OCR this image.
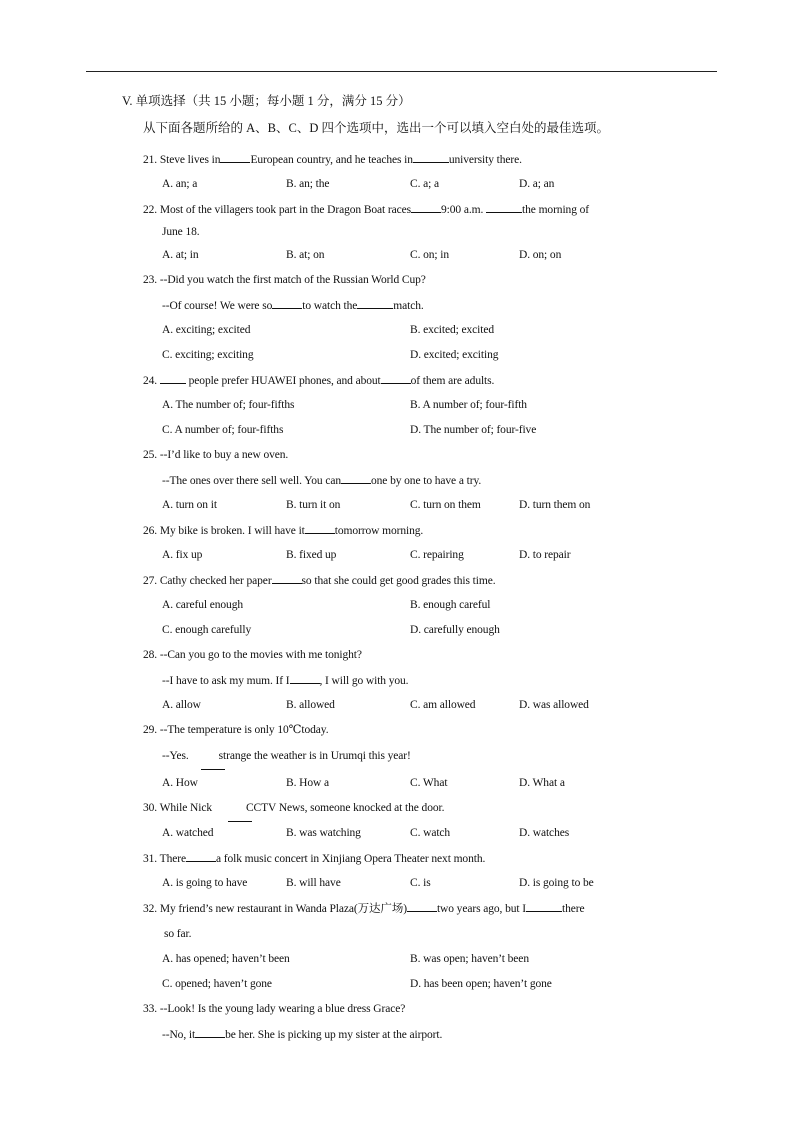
V. 单项选择（共 15 小题；每小题 1 分，满分 15 分）
从下面各题所给的 A、B、C、D 四个选项中，选出一个可以填入空白处的最佳选项。
21. Steve lives in	European country, and he teaches in	university there.
A. an; a	B. an; the	C. a; a	D. a; an
22. Most of the villagers took part in the Dragon Boat races	9:00 a.m.	the morning of
June 18.
A. at; in	B. at; on	C. on; in	D. on; on
23. --Did you watch the first match of the Russian World Cup?
--Of course! We were so	to watch the	match.
A. exciting; excited	B. excited; excited
C. exciting; exciting	D. excited; exciting
24.	people prefer HUAWEI phones, and about	of them are adults.
A. The number of; four-fifths	B. A number of; four-fifth
C. A number of; four-fifths	D. The number of; four-five
25. --I’d like to buy a new oven.
--The ones over there sell well. You can	one by one to have a try.
A. turn on it	B. turn it on	C. turn on them	D. turn them on
26. My bike is broken. I will have it	tomorrow morning.
A. fix up	B. fixed up	C. repairing	D. to repair
27. Cathy checked her paper	so that she could get good grades this time.
A. careful enough	B. enough careful
C. enough carefully	D. carefully enough
28. --Can you go to the movies with me tonight?
--I have to ask my mum. If I	, I will go with you.
A. allow	B. allowed	C. am allowed	D. was allowed
29. --The temperature is only 10℃today.
--Yes.	strange the weather is in Urumqi this year!
A. How	B. How a	C. What	D. What a
30. While Nick	CCTV News, someone knocked at the door.
A. watched	B. was watching	C. watch	D. watches
31. There	a folk music concert in Xinjiang Opera Theater next month.
A. is going to have	B. will have	C. is	D. is going to be
32. My friend’s new restaurant in Wanda Plaza(万达广场)	two years ago, but I	there
so far.
A. has opened; haven’t been	B. was open; haven’t been
C. opened; haven’t gone	D. has been open; haven’t gone
33. --Look! Is the young lady wearing a blue dress Grace?
--No, it	be her. She is picking up my sister at the airport.
